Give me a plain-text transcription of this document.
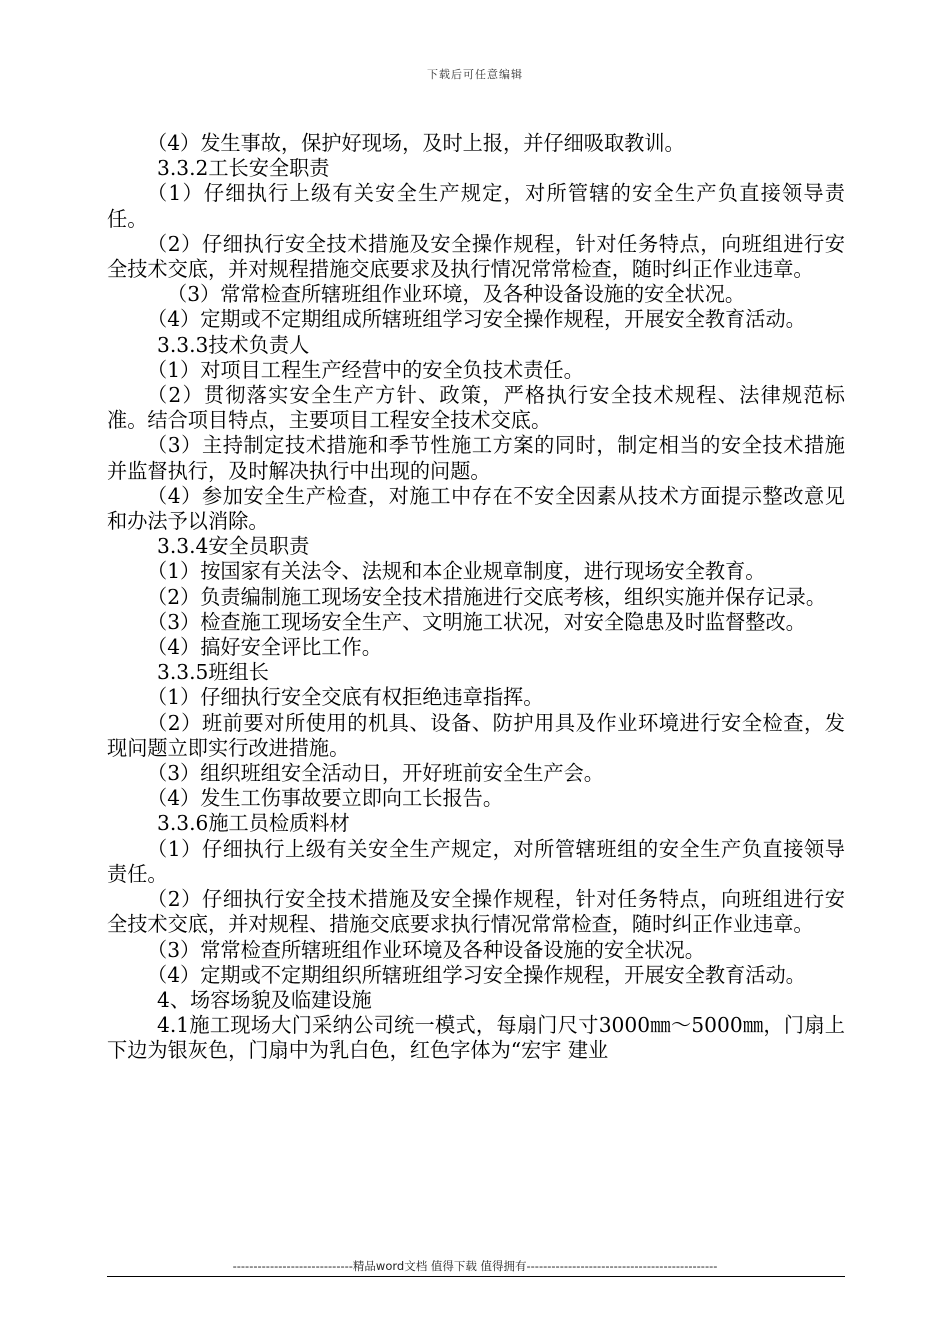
下载后可任意编辑

（4）发生事故，保护好现场，及时上报，并仔细吸取教训。

3.3.2工长安全职责

（1）仔细执行上级有关安全生产规定，对所管辖的安全生产负直接领导责任。

（2）仔细执行安全技术措施及安全操作规程，针对任务特点，向班组进行安全技术交底，并对规程措施交底要求及执行情况常常检查，随时纠正作业违章。

（3）常常检查所辖班组作业环境，及各种设备设施的安全状况。

（4）定期或不定期组成所辖班组学习安全操作规程，开展安全教育活动。

3.3.3技术负责人

（1）对项目工程生产经营中的安全负技术责任。

（2）贯彻落实安全生产方针、政策，严格执行安全技术规程、法律规范标准。结合项目特点，主要项目工程安全技术交底。

（3）主持制定技术措施和季节性施工方案的同时，制定相当的安全技术措施并监督执行，及时解决执行中出现的问题。

（4）参加安全生产检查，对施工中存在不安全因素从技术方面提示整改意见和办法予以消除。

3.3.4安全员职责

（1）按国家有关法令、法规和本企业规章制度，进行现场安全教育。

（2）负责编制施工现场安全技术措施进行交底考核，组织实施并保存记录。

（3）检查施工现场安全生产、文明施工状况，对安全隐患及时监督整改。

（4）搞好安全评比工作。

3.3.5班组长

（1）仔细执行安全交底有权拒绝违章指挥。

（2）班前要对所使用的机具、设备、防护用具及作业环境进行安全检查，发现问题立即实行改进措施。

（3）组织班组安全活动日，开好班前安全生产会。

（4）发生工伤事故要立即向工长报告。

3.3.6施工员检质料材

（1）仔细执行上级有关安全生产规定，对所管辖班组的安全生产负直接领导责任。

（2）仔细执行安全技术措施及安全操作规程，针对任务特点，向班组进行安全技术交底，并对规程、措施交底要求执行情况常常检查，随时纠正作业违章。

（3）常常检查所辖班组作业环境及各种设备设施的安全状况。

（4）定期或不定期组织所辖班组学习安全操作规程，开展安全教育活动。

4、场容场貌及临建设施

4.1施工现场大门采纳公司统一模式，每扇门尺寸3000㎜～5000㎜，门扇上下边为银灰色，门扇中为乳白色，红色字体为“宏宇 建业

-----------------------------精品word文档 值得下载 值得拥有----------------------------------------------
